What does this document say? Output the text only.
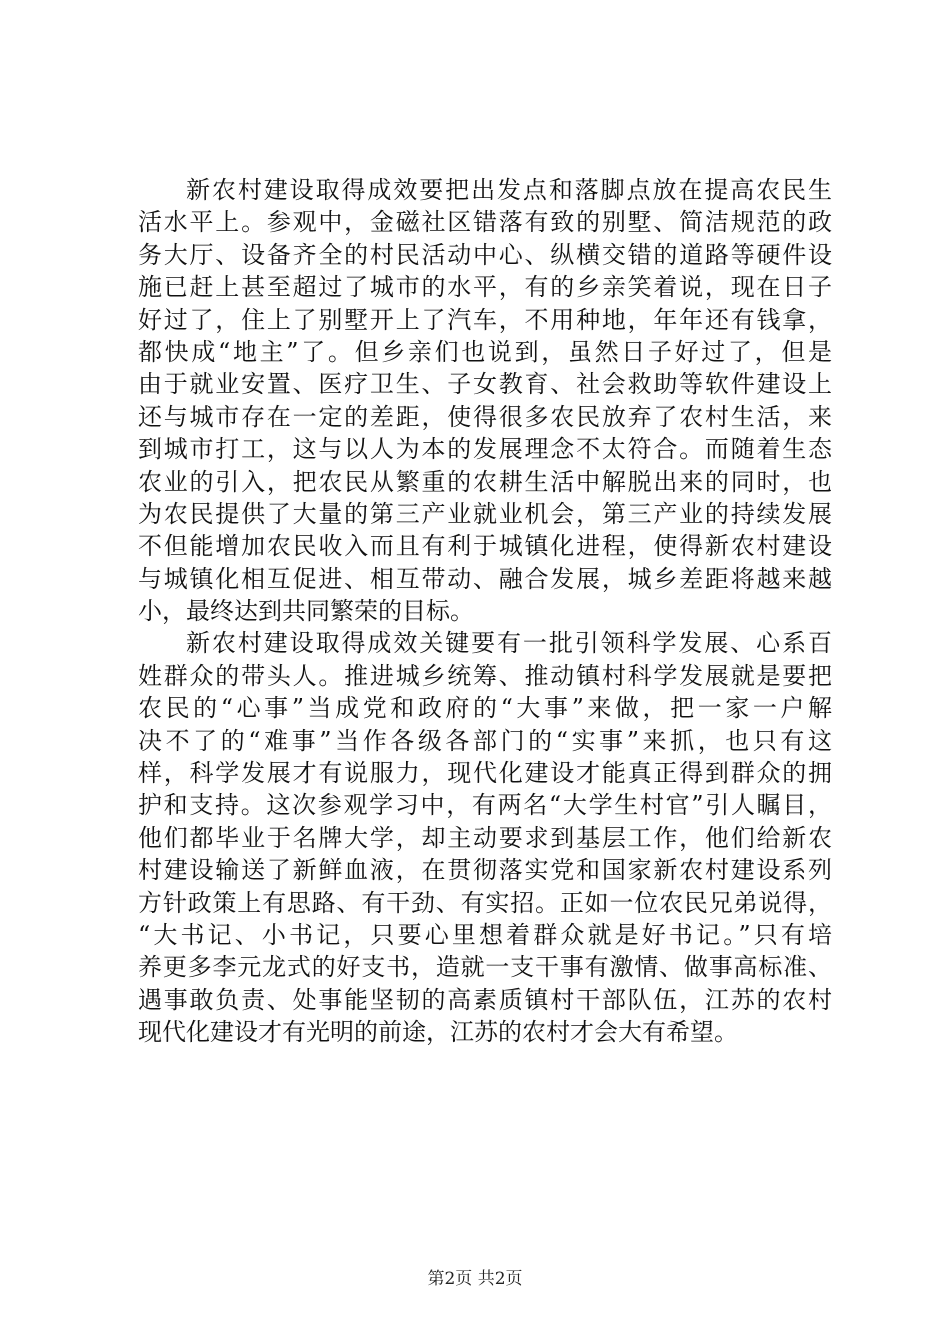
新农村建设取得成效要把出发点和落脚点放在提高农民生
活水平上。参观中，金磁社区错落有致的别墅、简洁规范的政
务大厅、设备齐全的村民活动中心、纵横交错的道路等硬件设
施已赶上甚至超过了城市的水平，有的乡亲笑着说，现在日子
好过了，住上了别墅开上了汽车，不用种地，年年还有钱拿，
都快成“地主”了。但乡亲们也说到，虽然日子好过了，但是
由于就业安置、医疗卫生、子女教育、社会救助等软件建设上
还与城市存在一定的差距，使得很多农民放弃了农村生活，来
到城市打工，这与以人为本的发展理念不太符合。而随着生态
农业的引入，把农民从繁重的农耕生活中解脱出来的同时，也
为农民提供了大量的第三产业就业机会，第三产业的持续发展
不但能增加农民收入而且有利于城镇化进程，使得新农村建设
与城镇化相互促进、相互带动、融合发展，城乡差距将越来越
小，最终达到共同繁荣的目标。
新农村建设取得成效关键要有一批引领科学发展、心系百
姓群众的带头人。推进城乡统筹、推动镇村科学发展就是要把
农民的“心事”当成党和政府的“大事”来做，把一家一户解
决不了的“难事”当作各级各部门的“实事”来抓，也只有这
样，科学发展才有说服力，现代化建设才能真正得到群众的拥
护和支持。这次参观学习中，有两名“大学生村官”引人瞩目，
他们都毕业于名牌大学，却主动要求到基层工作，他们给新农
村建设输送了新鲜血液，在贯彻落实党和国家新农村建设系列
方针政策上有思路、有干劲、有实招。正如一位农民兄弟说得，
“大书记、小书记，只要心里想着群众就是好书记。”只有培
养更多李元龙式的好支书，造就一支干事有激情、做事高标准、
遇事敢负责、处事能坚韧的高素质镇村干部队伍，江苏的农村
现代化建设才有光明的前途，江苏的农村才会大有希望。
第2页 共2页
